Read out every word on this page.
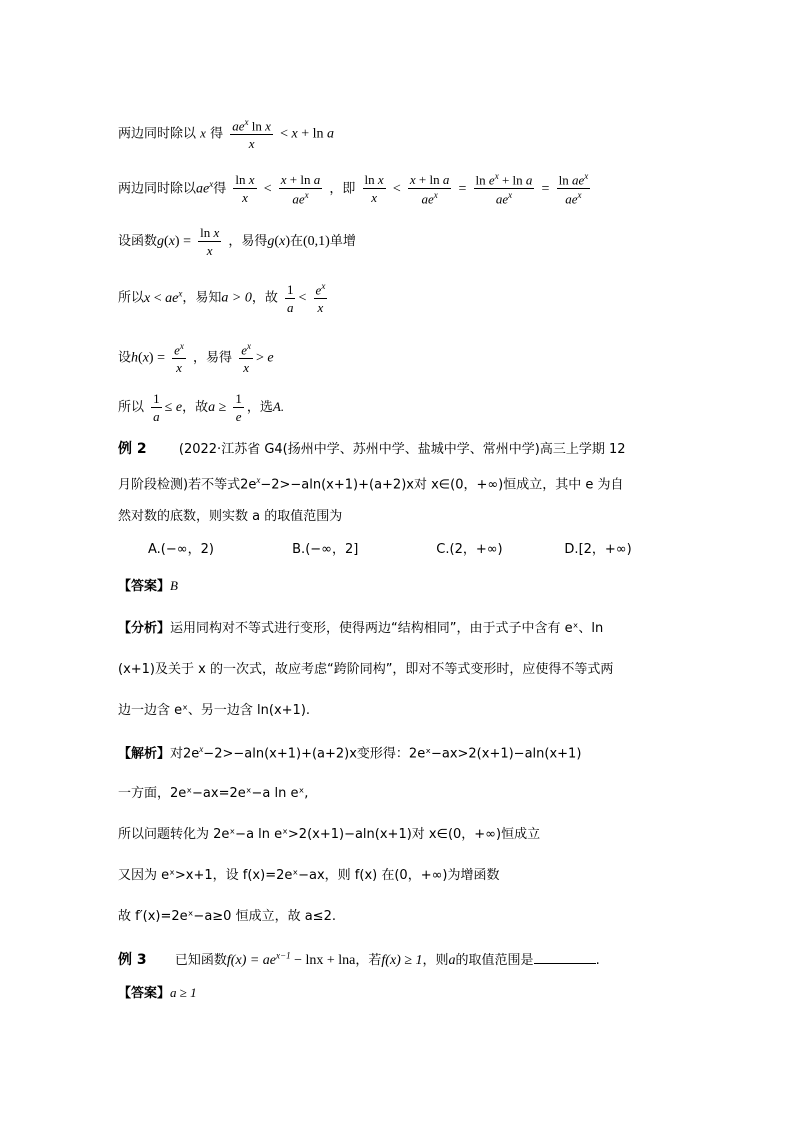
两边同时除以 x 得 $\frac{ae^x \ln x}{x} < x + \ln a$
两边同时除以$ae^x$得 $\frac{\text{ln x}}{x} < \frac{\text{x + ln a}}{ae^x}$ ，即 $\frac{\text{ln x}}{x} < \frac{\text{x + ln a}}{ae^x} = \frac{\ln e^x + \ln a}{ae^x} = \frac{\ln ae^x}{ae^x}$
设函数$g(x) = \frac{\text{ln x}}{x}$ ，易得g(x)在(0,1)单增
所以$x < ae^x$，易知a > 0，故 $\frac{1}{a} < \frac{e^x}{x}$
设$h(x) = \frac{e^x}{x}$ ，易得 $\frac{e^x}{x} > e$
所以 $\frac{1}{a} \le e$，故$a \ge \frac{1}{e}$ ，选A.
例 2 (2022·江苏省 G4(扬州中学、苏州中学、盐城中学、常州中学)高三上学期 12
月阶段检测)若不等式$2e^x-2>-aln(x+1)+(a+2)x$对 x∈(0，+∞)恒成立，其中 e 为自
然对数的底数，则实数 a 的取值范围为
A.(−∞，2)	B.(−∞，2]	C.(2，+∞)	D.[2，+∞)
【答案】B
【分析】运用同构对不等式进行变形，使得两边“结构相同”，由于式子中含有 eˣ、ln
(x+1)及关于 x 的一次式，故应考虑“跨阶同构”，即对不等式变形时，应使得不等式两
边一边含 eˣ、另一边含 ln(x+1).
【解析】对$2e^x-2>-aln(x+1)+(a+2)x$变形得：2eˣ−ax>2(x+1)−aln(x+1)
一方面，2eˣ−ax=2eˣ−a ln eˣ,
所以问题转化为 2eˣ−a ln eˣ>2(x+1)−aln(x+1)对 x∈(0，+∞)恒成立
又因为 eˣ>x+1，设 f(x)=2eˣ−ax，则 f(x) 在(0，+∞)为增函数
故 f′(x)=2eˣ−a≥0 恒成立，故 a≤2.
例 3 已知函数$f(x) = ae^{x-1} - \ln x + \ln a$，若f(x) ≥ 1，则a的取值范围是	.
【答案】a ≥ 1
